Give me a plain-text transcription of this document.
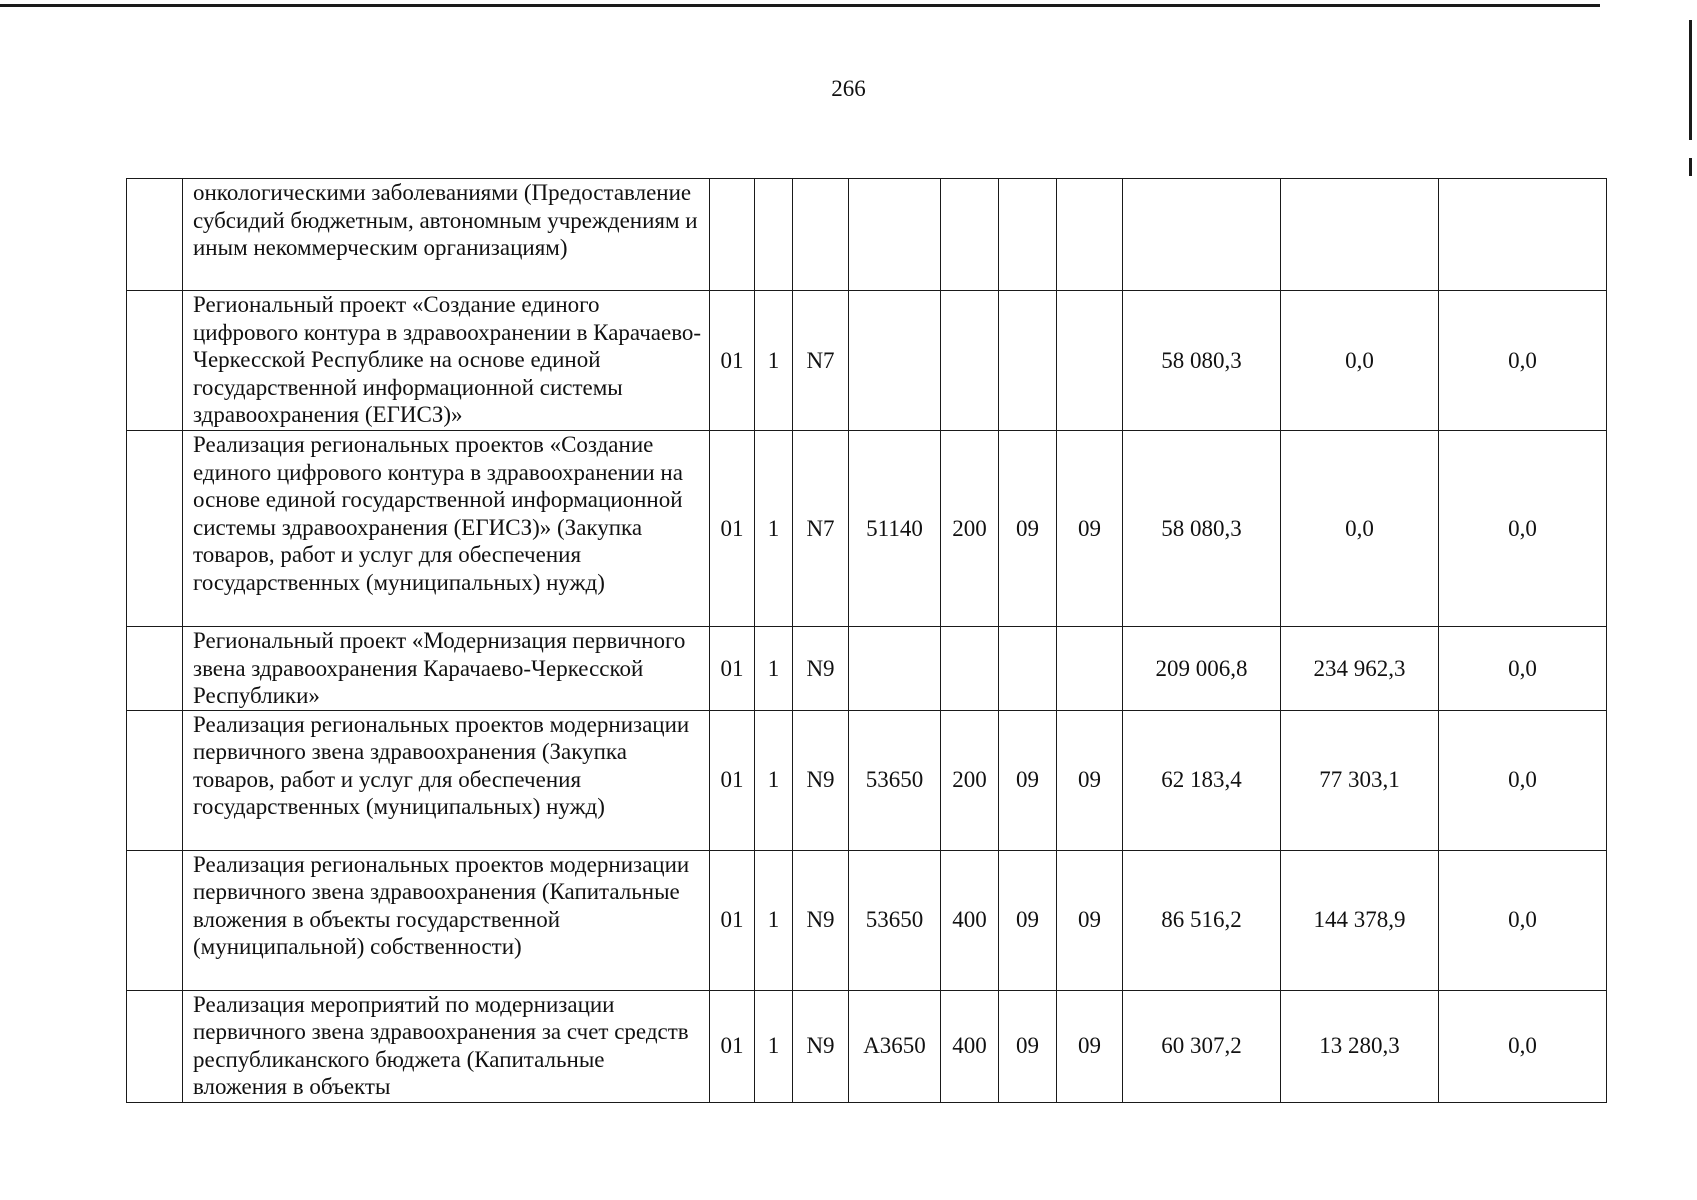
266
	онкологическими заболеваниями (Предоставление субсидий бюджетным, автономным учреждениям и иным некоммерческим организациям)										
	Региональный проект «Создание единого цифрового контура в здравоохранении в Карачаево-Черкесской Республике на основе единой государственной информационной системы здравоохранения (ЕГИСЗ)»	01	1	N7					58 080,3	0,0	0,0
	Реализация региональных проектов «Создание единого цифрового контура в здравоохранении на основе единой государственной информационной системы здравоохранения (ЕГИСЗ)» (Закупка товаров, работ и услуг для обеспечения государственных (муниципальных) нужд)	01	1	N7	51140	200	09	09	58 080,3	0,0	0,0
	Региональный проект «Модернизация первичного звена здравоохранения Карачаево-Черкесской Республики»	01	1	N9					209 006,8	234 962,3	0,0
	Реализация региональных проектов модернизации первичного звена здравоохранения (Закупка товаров, работ и услуг для обеспечения государственных (муниципальных) нужд)	01	1	N9	53650	200	09	09	62 183,4	77 303,1	0,0
	Реализация региональных проектов модернизации первичного звена здравоохранения (Капитальные вложения в объекты государственной (муниципальной) собственности)	01	1	N9	53650	400	09	09	86 516,2	144 378,9	0,0
	Реализация мероприятий по модернизации первичного звена здравоохранения за счет средств республиканского бюджета (Капитальные вложения в объекты	01	1	N9	А3650	400	09	09	60 307,2	13 280,3	0,0
